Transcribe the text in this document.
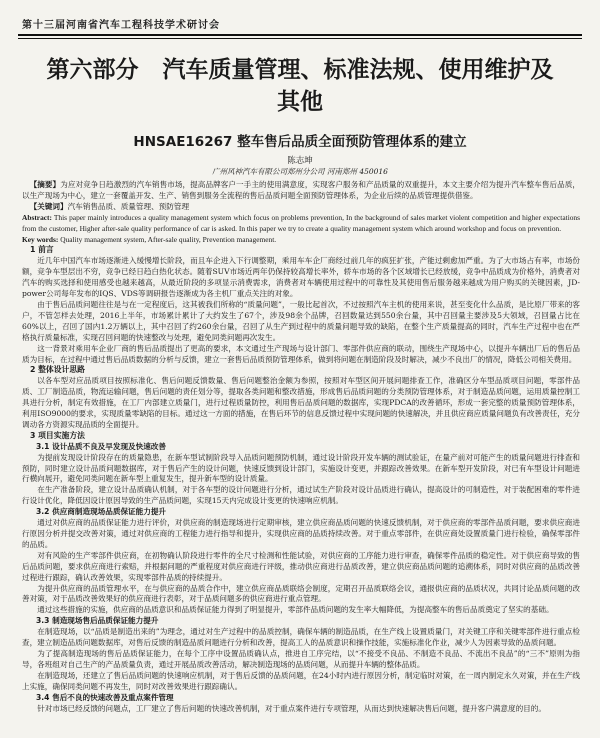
第十三届河南省汽车工程科技学术研讨会
第六部分   汽车质量管理、标准法规、使用维护及
其他
HNSAE16267 整车售后品质全面预防管理体系的建立
陈志坤
广州风神汽车有限公司郑州分公司 河南郑州 450016

【摘要】为应对竞争日趋激烈的汽车销售市场，提高品牌客户一手主的使用满意度，实现客户服务和产品质量的双重提升，本文主要介绍为提升汽车整车售后品质，以生产现场为中心，建立一套覆盖开发、生产、销售到服务全流程的售后品质问题全面预防管理体系，为企业后续的品质管理提供借鉴。

【关键词】汽车销售品质、质量管理、预防管理

Abstract: This paper mainly introduces a quality management system which focus on problems prevention, In the background of sales market violent competition and higher expectations from the customer, Higher after-sale quality performance of car is asked. In this paper we try to create a quality management system which around workshop and focus on prevention.

Key words: Quality management system, After-sale quality, Prevention management.

1 前言

近几年中国汽车市场逐渐进入缓慢增长阶段，而且车企进入下行调整期，乘用车车企厂商经过前几年的疯狂扩张，产能过剩愈加严重。为了大市场占有率，市场份额，竞争车型层出不穷，竞争已经日趋白热化状态。随着SUV市场近两年仍保持较高增长率外，轿车市场的各个区域增长已经放缓，竞争中品质成为价格外，消费者对汽车的购买选择和使用感受也越来越高，从最近阶段的多项显示消费需求，消费者对车辆使用过程中的可靠性及其使用售后服务越来越成为用户购买的关键因素，JD-power公司每年发布的IQS、VDS等调研报告逐渐成为各主机厂重点关注的对象。

由于售后品质问题往往是与在一定程度后，这其被我们所称的“质量问题”，一般比起首次，不过按照汽车主机的使用来说，甚至变化什么品质，是比原厂带来的客户，不管怎样去处理，2016上半年，市场累计累计了大约发生了67个，涉及98余个品牌，召回数量达到550余台量，其中召回量主要涉及5大领域，召回量占比在60%以上，召回了国内1.2万辆以上，其中召回了约260余台量，召回了从生产到过程中的质量问题导致的缺陷，在整个生产质量提高的同时，汽车生产过程中也在严格执行质量标准，实现召回问题的快速整改与处理，避免同类问题再次发生。

这一背景对乘用车企业厂商的售后品质提出了更高的要求，本文通过生产现场与设计部门、零部件供应商的联动，围绕生产现场中心，以提升车辆出厂后的售后品质为目标，在过程中通过售后品质数据的分析与反馈，建立一套售后品质预防管理体系，做到将问题在制造阶段及时解决，减少不良出厂的情况，降低公司相关费用。

2 整体设计思路

以各车型对应品质项目按照标准化、售后问题反馈数量、售后问题整治金额为参照，按照对车型区间开展问题排查工作，准确区分车型品质项目问题，零部件品质、工厂制造品质，物流运输问题，售后问题的责任划分等，提取各类问题和整改措施，形成售后品质问题的分类预防管理体系，对于制造品质问题，运用质量控制工具进行分析，制定有效措施，在工厂内部建立质量门，进行过程质量防控，利用售后品质问题的数据库，实现PDCA的改善循环，形成一套完整的质量预防管理体系，利用ISO9000的要求，实现质量零缺陷的目标。通过这一方面的措施，在售后环节的信息反馈过程中实现问题的快速解决，并且供应商应质量问题负有改善责任，充分调动各方资源实现品质的全面提升。

3 项目实施方法

3.1 设计品质不良及早发现及快速改善

为提前发现设计阶段存在的质量隐患，在新车型试制阶段导入品质问题预防机制，通过设计阶段开发车辆的测试验证，在量产前对可能产生的质量问题进行排查和预防，同时建立设计品质问题数据库，对于售后产生的设计问题，快速反馈到设计部门，实施设计变更，并跟踪改善效果。在新车型开发阶段，对已有车型设计问题进行横向展开，避免同类问题在新车型上重复发生，提升新车型的设计质量。

在生产准备阶段，建立设计品质确认机制，对于各车型的设计问题进行分析，通过试生产阶段对设计品质进行确认，提高设计的可制造性，对于装配困难的零件进行设计优化，降低因设计原因导致的生产品质问题，实现15天内完成设计变更的快速响应机制。

3.2 供应商制造现场品质保证能力提升

通过对供应商的品质保证能力进行评价，对供应商的制造现场进行定期审核，建立供应商品质问题的快速反馈机制，对于供应商的零部件品质问题，要求供应商进行原因分析并提交改善对策，通过对供应商的工程能力进行指导和提升，实现供应商的品质持续改善。对于重点零部件，在供应商处设置质量门进行检验，确保零部件的品质。

对有风险的生产零部件供应商，在初物确认阶段进行零件的全尺寸检测和性能试验，对供应商的工序能力进行审查，确保零件品质的稳定性。对于供应商导致的售后品质问题，要求供应商进行索赔，并根据问题的严重程度对供应商进行评级，推动供应商进行品质改善，建立供应商品质问题的追溯体系，同时对供应商的品质改善过程进行跟踪，确认改善效果，实现零部件品质的持续提升。

为提升供应商的品质管理水平，在与供应商的品质合作中，建立供应商品质联络会制度，定期召开品质联络会议，通报供应商的品质状况，共同讨论品质问题的改善对策，对于品质改善效果好的供应商进行表彰，对于品质问题多的供应商进行重点管理。

通过这些措施的实施，供应商的品质意识和品质保证能力得到了明显提升，零部件品质问题的发生率大幅降低，为提高整车的售后品质奠定了坚实的基础。

3.3 制造现场售后品质保证能力提升

在制造现场，以“品质是制造出来的”为理念，通过对生产过程中的品质控制，确保车辆的制造品质，在生产线上设置质量门，对关键工序和关键零部件进行重点检查，建立制造品质问题数据库，对售后反馈的制造品质问题进行分析和改善，提高工人的品质意识和操作技能，实施标准化作业，减少人为因素导致的品质问题。

为了提高制造现场的售后品质保证能力，在每个工序中设置品质确认点，推进自工序完结，以“不接受不良品、不制造不良品、不流出不良品”的“三不”原则为指导，各班组对自己生产的产品质量负责，通过开展品质改善活动，解决制造现场的品质问题，从而提升车辆的整体品质。

在制造现场，还建立了售后品质问题的快速响应机制，对于售后反馈的品质问题，在24小时内进行原因分析，制定临时对策，在一周内制定永久对策，并在生产线上实施，确保同类问题不再发生，同时对改善效果进行跟踪确认。

3.4 售后不良的快速改善及重点案件管理

针对市场已经反馈的问题点，工厂建立了售后问题的快速改善机制，对于重点案件进行专项管理，从而达到快速解决售后问题，提升客户满意度的目的。
